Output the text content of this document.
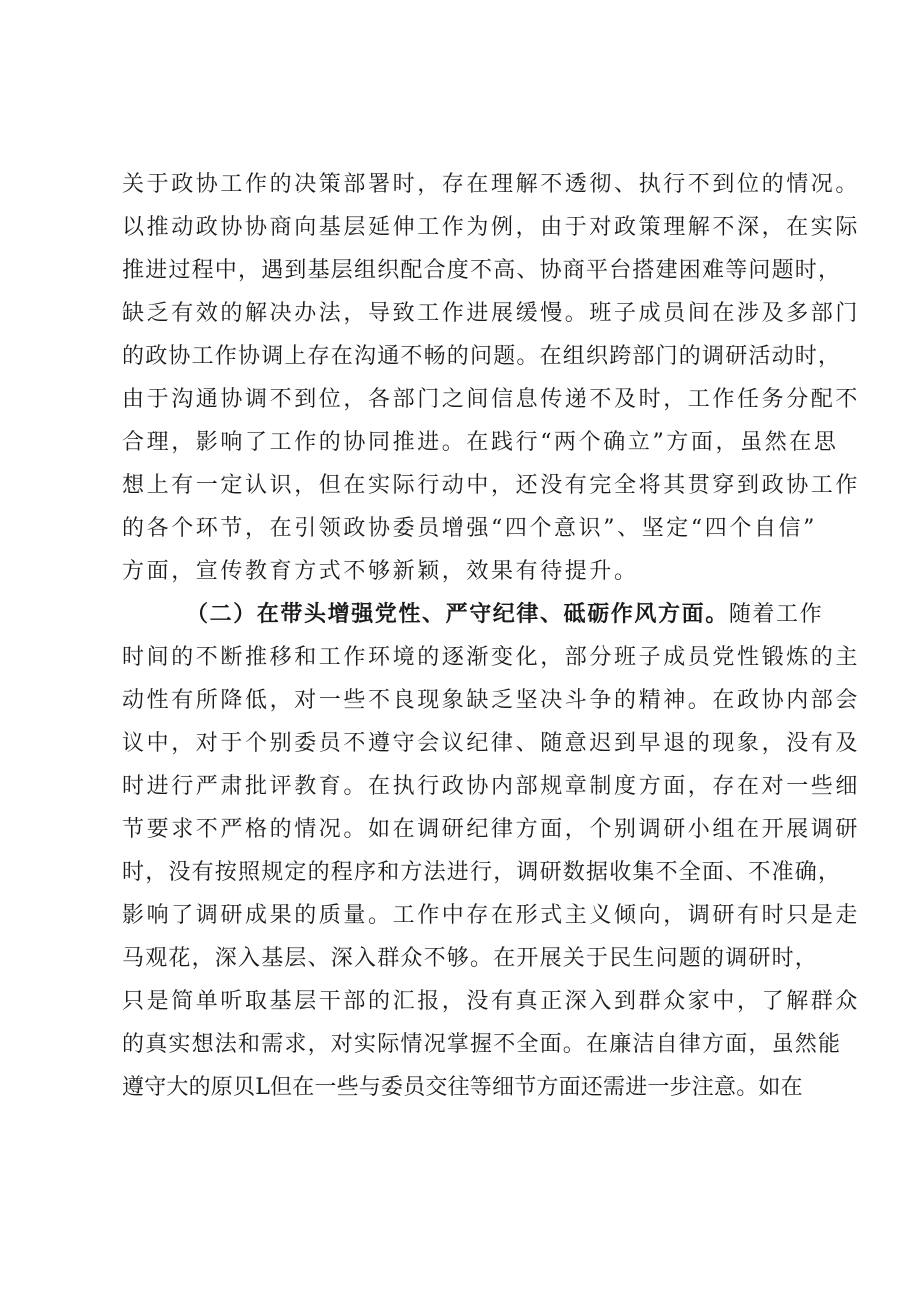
关于政协工作的决策部署时，存在理解不透彻、执行不到位的情况。
以推动政协协商向基层延伸工作为例，由于对政策理解不深，在实际
推进过程中，遇到基层组织配合度不高、协商平台搭建困难等问题时，
缺乏有效的解决办法，导致工作进展缓慢。班子成员间在涉及多部门
的政协工作协调上存在沟通不畅的问题。在组织跨部门的调研活动时，
由于沟通协调不到位，各部门之间信息传递不及时，工作任务分配不
合理，影响了工作的协同推进。在践行“两个确立”方面，虽然在思
想上有一定认识，但在实际行动中，还没有完全将其贯穿到政协工作
的各个环节，在引领政协委员增强“四个意识”、坚定“四个自信”
方面，宣传教育方式不够新颖，效果有待提升。
（二）在带头增强党性、严守纪律、砥砺作风方面。随着工作
时间的不断推移和工作环境的逐渐变化，部分班子成员党性锻炼的主
动性有所降低，对一些不良现象缺乏坚决斗争的精神。在政协内部会
议中，对于个别委员不遵守会议纪律、随意迟到早退的现象，没有及
时进行严肃批评教育。在执行政协内部规章制度方面，存在对一些细
节要求不严格的情况。如在调研纪律方面，个别调研小组在开展调研
时，没有按照规定的程序和方法进行，调研数据收集不全面、不准确，
影响了调研成果的质量。工作中存在形式主义倾向，调研有时只是走
马观花，深入基层、深入群众不够。在开展关于民生问题的调研时，
只是简单听取基层干部的汇报，没有真正深入到群众家中，了解群众
的真实想法和需求，对实际情况掌握不全面。在廉洁自律方面，虽然能
遵守大的原贝L但在一些与委员交往等细节方面还需进一步注意。如在
